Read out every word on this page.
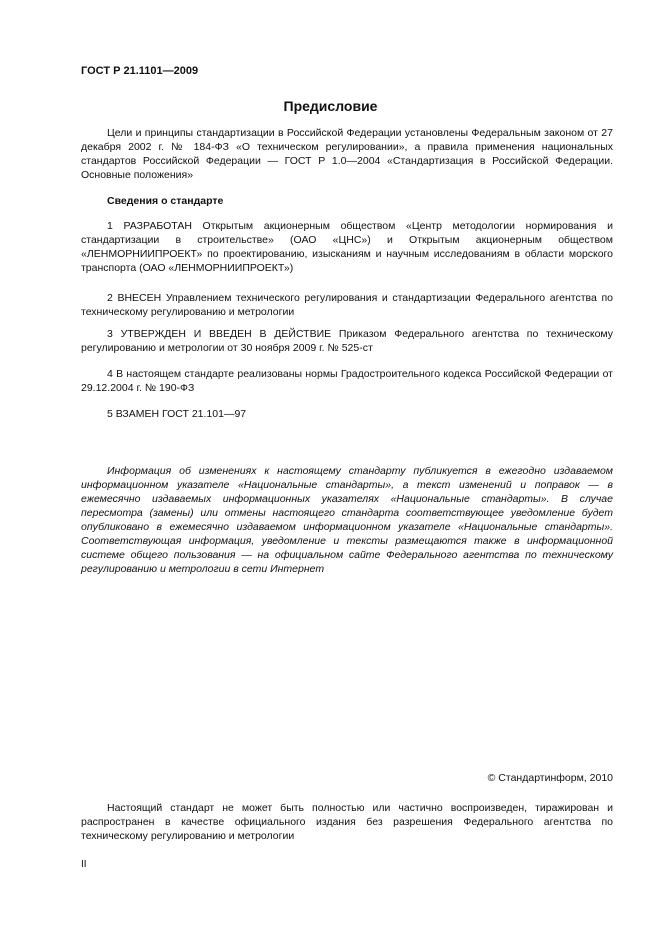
ГОСТ Р 21.1101—2009
Предисловие

Цели и принципы стандартизации в Российской Федерации установлены Федеральным законом от 27 декабря 2002 г. № 184-ФЗ «О техническом регулировании», а правила применения национальных стандартов Российской Федерации — ГОСТ Р 1.0—2004 «Стандартизация в Российской Федерации. Основные положения»

Сведения о стандарте

1 РАЗРАБОТАН Открытым акционерным обществом «Центр методологии нормирования и стандартизации в строительстве» (ОАО «ЦНС») и Открытым акционерным обществом «ЛЕНМОРНИИПРОЕКТ» по проектированию, изысканиям и научным исследованиям в области морского транспорта (ОАО «ЛЕНМОРНИИПРОЕКТ»)

2 ВНЕСЕН Управлением технического регулирования и стандартизации Федерального агентства по техническому регулированию и метрологии

3 УТВЕРЖДЕН И ВВЕДЕН В ДЕЙСТВИЕ Приказом Федерального агентства по техническому регулированию и метрологии от 30 ноября 2009 г. № 525-ст

4 В настоящем стандарте реализованы нормы Градостроительного кодекса Российской Федерации от 29.12.2004 г. № 190-ФЗ

5 ВЗАМЕН ГОСТ 21.101—97

Информация об изменениях к настоящему стандарту публикуется в ежегодно издаваемом информационном указателе «Национальные стандарты», а текст изменений и поправок — в ежемесячно издаваемых информационных указателях «Национальные стандарты». В случае пересмотра (замены) или отмены настоящего стандарта соответствующее уведомление будет опубликовано в ежемесячно издаваемом информационном указателе «Национальные стандарты». Соответствующая информация, уведомление и тексты размещаются также в информационной системе общего пользования — на официальном сайте Федерального агентства по техническому регулированию и метрологии в сети Интернет

© Стандартинформ, 2010

Настоящий стандарт не может быть полностью или частично воспроизведен, тиражирован и распространен в качестве официального издания без разрешения Федерального агентства по техническому регулированию и метрологии

II
